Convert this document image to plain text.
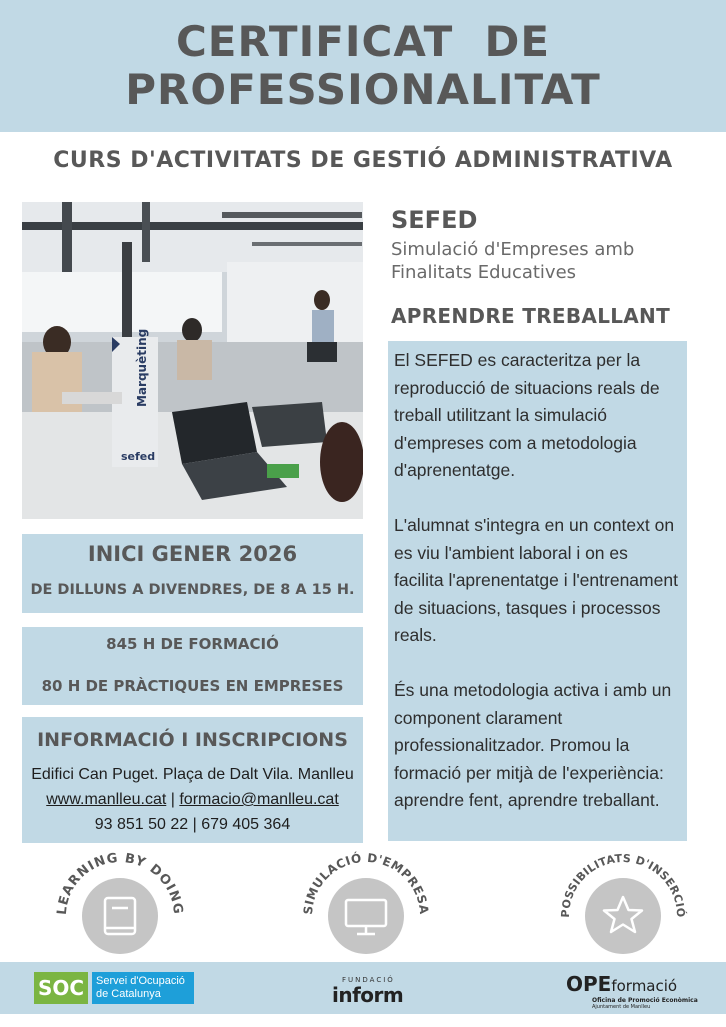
CERTIFICAT  DE
PROFESSIONALITAT
CURS D'ACTIVITATS DE GESTIÓ ADMINISTRATIVA
Marquèting
sefed
SEFED
Simulació d'Empreses amb
Finalitats Educatives
APRENDRE TREBALLANT

El SEFED es caracteritza per la reproducció de situacions reals de treball utilitzant la simulació d'empreses com a metodologia d'aprenentatge.

L'alumnat s'integra en un context on es viu l'ambient laboral i on es facilita l'aprenentatge i l'entrenament de situacions, tasques i processos reals.

És una metodologia activa i amb un component clarament professionalitzador. Promou la formació per mitjà de l'experiència: aprendre fent, aprendre treballant.

INICI GENER 2026
DE DILLUNS A DIVENDRES, DE 8 A 15 H.
845 H DE FORMACIÓ
80 H DE PRÀCTIQUES EN EMPRESES
INFORMACIÓ I INSCRIPCIONS
Edifici Can Puget. Plaça de Dalt Vila. Manlleu
www.manlleu.cat | formacio@manlleu.cat
93 851 50 22 | 679 405 364
LEARNING BY DOING	SIMULACIÓ D'EMPRESA	POSSIBILITATS D'INSERCIÓ
SOC	Servei d'Ocupació
de Catalunya
FUNDACIÓ
inform	OPEformació
Oficina de Promoció Econòmica
Ajuntament de Manlleu
